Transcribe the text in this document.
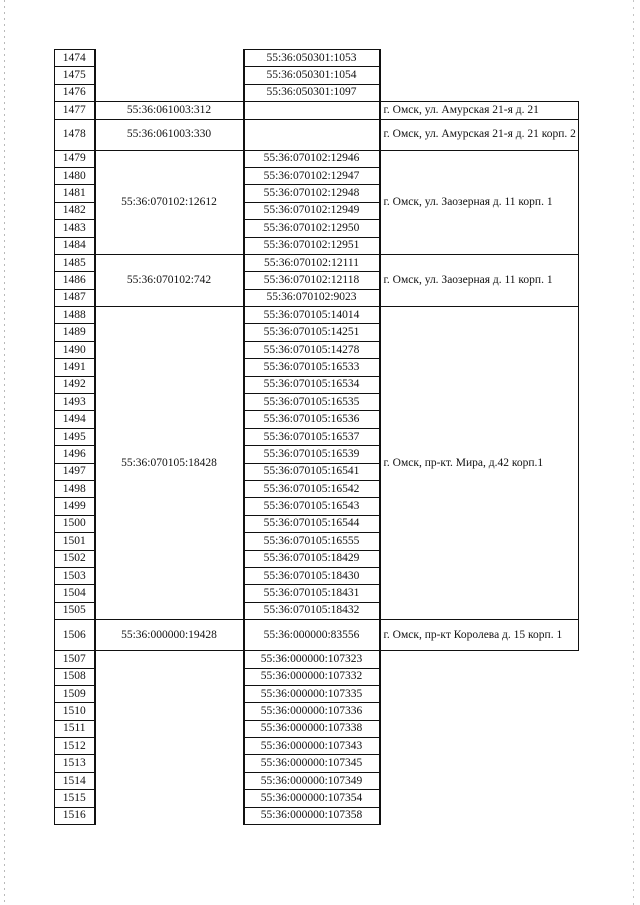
1474		55:36:050301:1053	
1475		55:36:050301:1054	
1476		55:36:050301:1097	
1477	55:36:061003:312		г. Омск, ул. Амурская 21-я д. 21
1478	55:36:061003:330		г. Омск, ул. Амурская 21-я д. 21 корп. 2
1479	55:36:070102:12612	55:36:070102:12946	г. Омск, ул. Заозерная д. 11 корп. 1
1480		55:36:070102:12947	
1481		55:36:070102:12948	
1482		55:36:070102:12949	
1483		55:36:070102:12950	
1484		55:36:070102:12951	
1485	55:36:070102:742	55:36:070102:12111	г. Омск, ул. Заозерная д. 11 корп. 1
1486		55:36:070102:12118	
1487		55:36:070102:9023	
1488	55:36:070105:18428	55:36:070105:14014	г. Омск, пр-кт. Мира, д.42 корп.1
1489		55:36:070105:14251	
1490		55:36:070105:14278	
1491		55:36:070105:16533	
1492		55:36:070105:16534	
1493		55:36:070105:16535	
1494		55:36:070105:16536	
1495		55:36:070105:16537	
1496		55:36:070105:16539	
1497		55:36:070105:16541	
1498		55:36:070105:16542	
1499		55:36:070105:16543	
1500		55:36:070105:16544	
1501		55:36:070105:16555	
1502		55:36:070105:18429	
1503		55:36:070105:18430	
1504		55:36:070105:18431	
1505		55:36:070105:18432	
1506	55:36:000000:19428	55:36:000000:83556	г. Омск, пр-кт Королева д. 15 корп. 1
1507		55:36:000000:107323	
1508		55:36:000000:107332	
1509		55:36:000000:107335	
1510		55:36:000000:107336	
1511		55:36:000000:107338	
1512		55:36:000000:107343	
1513		55:36:000000:107345	
1514		55:36:000000:107349	
1515		55:36:000000:107354	
1516		55:36:000000:107358	
